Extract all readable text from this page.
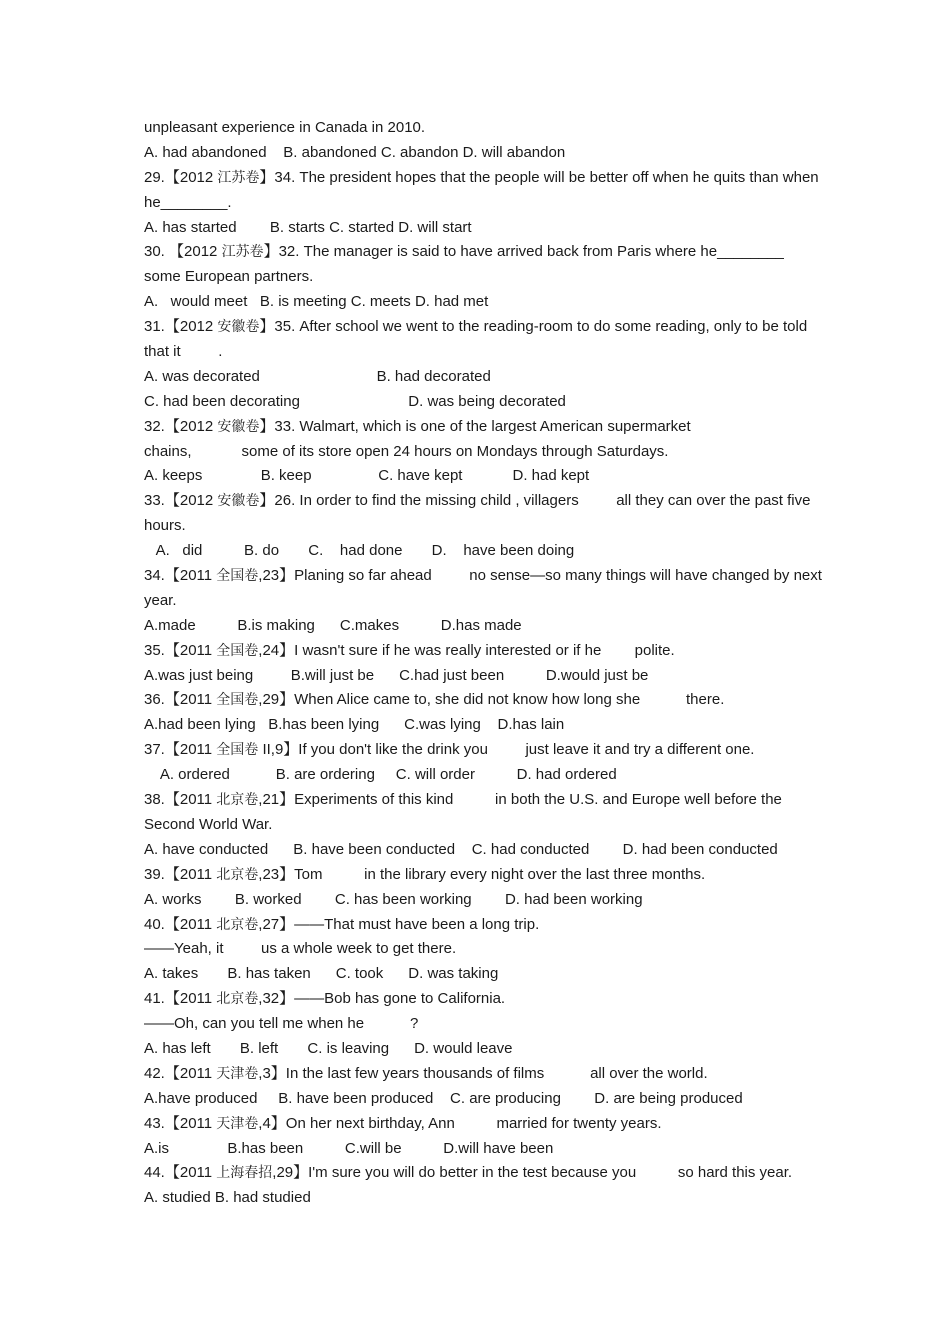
unpleasant experience in Canada in 2010.
A. had abandoned    B. abandoned C. abandon D. will abandon
29.【2012 江苏卷】34. The president hopes that the people will be better off when he quits than when
he________.
A. has started        B. starts C. started D. will start
30. 【2012 江苏卷】32. The manager is said to have arrived back from Paris where he________
some European partners.
A.   would meet   B. is meeting C. meets D. had met
31.【2012 安徽卷】35. After school we went to the reading-room to do some reading, only to be told
that it         .
A. was decorated                            B. had decorated
C. had been decorating                          D. was being decorated
32.【2012 安徽卷】33. Walmart, which is one of the largest American supermarket
chains,            some of its store open 24 hours on Mondays through Saturdays.
A. keeps              B. keep                C. have kept            D. had kept
33.【2012 安徽卷】26. In order to find the missing child , villagers         all they can over the past five
hours.
A.   did          B. do       C.    had done       D.    have been doing
34.【2011 全国卷,23】Planing so far ahead         no sense—so many things will have changed by next
year.
A.made          B.is making      C.makes          D.has made
35.【2011 全国卷,24】I wasn't sure if he was really interested or if he        polite.
A.was just being         B.will just be      C.had just been          D.would just be
36.【2011 全国卷,29】When Alice came to, she did not know how long she           there.
A.had been lying   B.has been lying      C.was lying    D.has lain
37.【2011 全国卷 II,9】If you don't like the drink you         just leave it and try a different one.
A. ordered           B. are ordering     C. will order          D. had ordered
38.【2011 北京卷,21】Experiments of this kind          in both the U.S. and Europe well before the
Second World War.
A. have conducted      B. have been conducted    C. had conducted        D. had been conducted
39.【2011 北京卷,23】Tom          in the library every night over the last three months.
A. works        B. worked        C. has been working        D. had been working
40.【2011 北京卷,27】——That must have been a long trip.
——Yeah, it         us a whole week to get there.
A. takes       B. has taken      C. took      D. was taking
41.【2011 北京卷,32】——Bob has gone to California.
——Oh, can you tell me when he           ?
A. has left       B. left       C. is leaving      D. would leave
42.【2011 天津卷,3】In the last few years thousands of films           all over the world.
A.have produced     B. have been produced    C. are producing        D. are being produced
43.【2011 天津卷,4】On her next birthday, Ann          married for twenty years.
A.is              B.has been          C.will be          D.will have been
44.【2011 上海春招,29】I'm sure you will do better in the test because you          so hard this year.
A. studied B. had studied
